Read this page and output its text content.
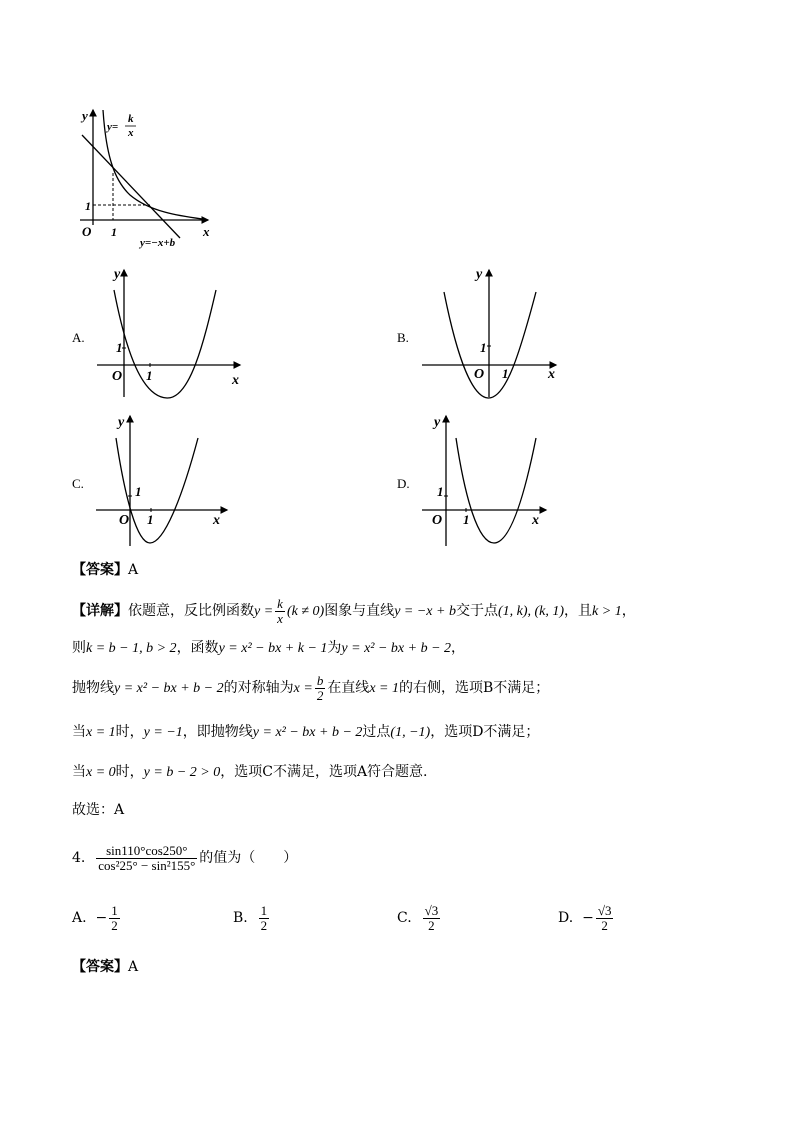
y
x
O 1
1
y=
k
x
y=−x+b
A.
y
x
O 1
1
B.
y
x
O 1
1
C.
y
x
O 1
1
D.
y
x
O 1
1
【答案】A
【详解】依题意，反比例函数$y = \frac{k}{x} (k \ne 0)$图象与直线y = −x + b交于点(1, k), (k, 1)，且k > 1，
则k = b − 1, b > 2，函数y = x² − bx + k − 1为y = x² − bx + b − 2，
抛物线y = x² − bx + b − 2的对称轴为$x = \frac{b}{2}$ 在直线x = 1的右侧，选项B不满足；
当x = 1时，y = −1，即抛物线y = x² − bx + b − 2过点(1, −1)，选项D不满足；
当x = 0时，y = b − 2 > 0，选项C不满足，选项A符合题意.
故选：A
4. $\frac{\sin 110^\circ\cos 250^\circ}{\text{cos²25° − sin²155°}}$ 的值为（　　）
A. − $\frac{1}{2}$	B. $\frac{1}{2}$	C. $\frac{√3}{2}$	D. − $\frac{√3}{2}$
【答案】A
